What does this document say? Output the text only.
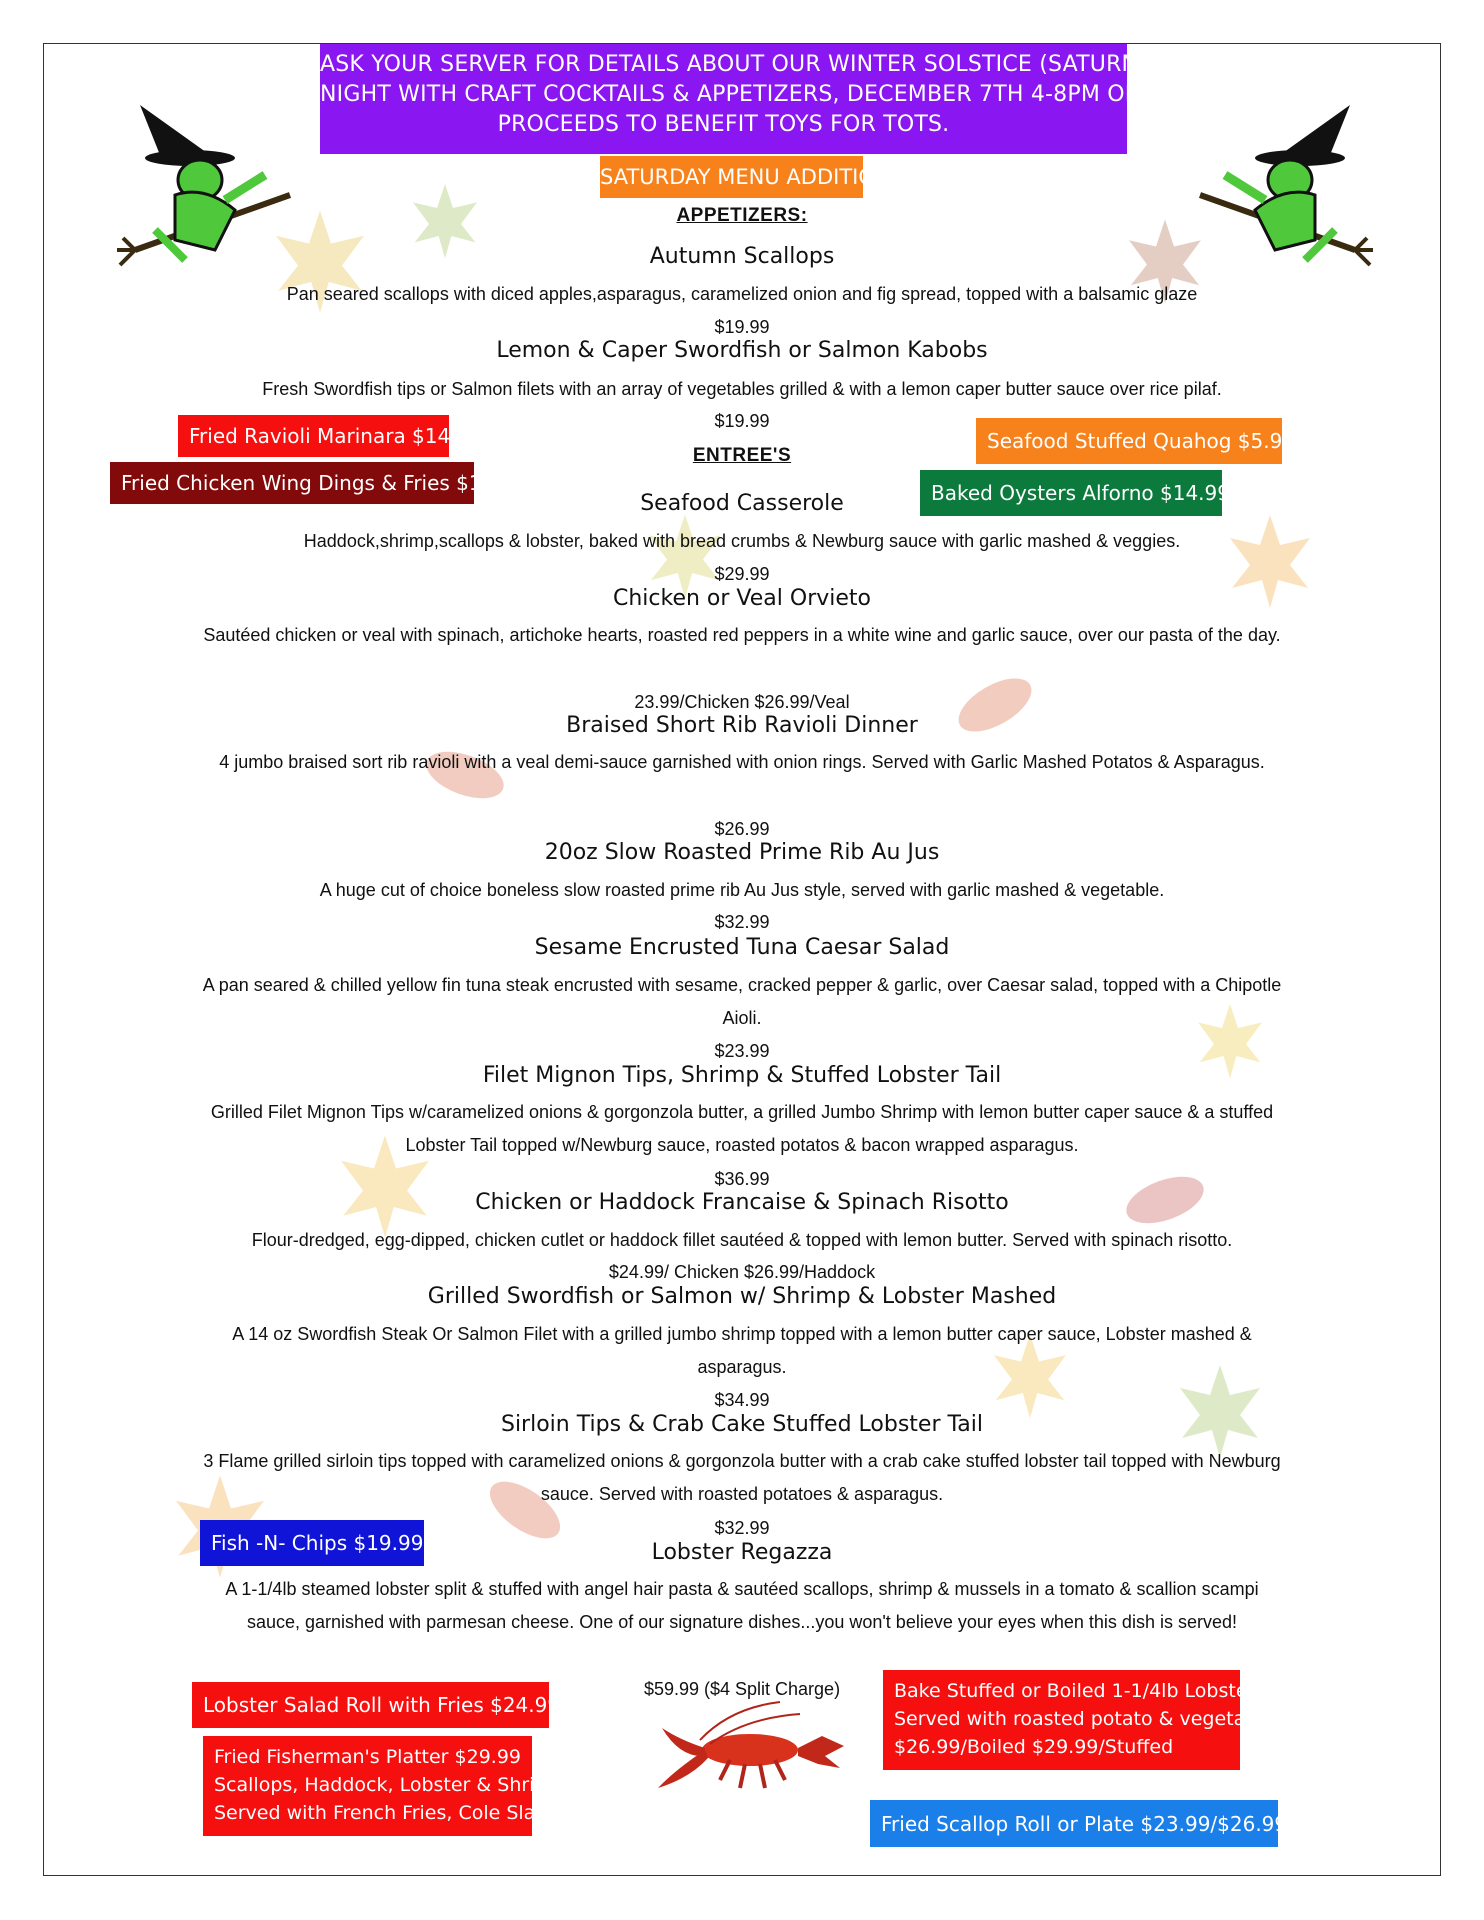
ASK YOUR SERVER FOR DETAILS ABOUT OUR WINTER SOLSTICE (SATURNALIA)
NIGHT WITH CRAFT COCKTAILS & APPETIZERS, DECEMBER 7TH 4-8PM ON THE PATIO
PROCEEDS TO BENEFIT TOYS FOR TOTS.
SATURDAY MENU ADDITIONS
APPETIZERS:
Autumn Scallops
Pan seared scallops with diced apples,asparagus, caramelized onion and fig spread, topped with a balsamic glaze
$19.99
Lemon & Caper Swordfish or Salmon Kabobs
Fresh Swordfish tips or Salmon filets with an array of vegetables grilled & with a lemon caper butter sauce over rice pilaf.
$19.99
ENTREE'S
Seafood Casserole
Haddock,shrimp,scallops & lobster, baked with bread crumbs & Newburg sauce with garlic mashed & veggies.
$29.99
Chicken or Veal Orvieto
Sautéed chicken or veal with spinach, artichoke hearts, roasted red peppers in a white wine and garlic sauce, over our pasta of the day.
23.99/Chicken $26.99/Veal
Braised Short Rib Ravioli Dinner
4 jumbo braised sort rib ravioli with a veal demi-sauce garnished with onion rings. Served with Garlic Mashed Potatos & Asparagus.
$26.99
20oz Slow Roasted Prime Rib Au Jus
A huge cut of choice boneless slow roasted prime rib Au Jus style, served with garlic mashed & vegetable.
$32.99
Sesame Encrusted Tuna Caesar Salad
A pan seared & chilled yellow fin tuna steak encrusted with sesame, cracked pepper & garlic, over Caesar salad, topped with a Chipotle Aioli.
$23.99
Filet Mignon Tips, Shrimp & Stuffed Lobster Tail
Grilled Filet Mignon Tips w/caramelized onions & gorgonzola butter, a grilled Jumbo Shrimp with lemon butter caper sauce & a stuffed Lobster Tail topped w/Newburg sauce, roasted potatos & bacon wrapped asparagus.
$36.99
Chicken or Haddock Francaise & Spinach Risotto
Flour-dredged, egg-dipped, chicken cutlet or haddock fillet sautéed & topped with lemon butter. Served with spinach risotto.
$24.99/ Chicken $26.99/Haddock
Grilled Swordfish or Salmon w/ Shrimp & Lobster Mashed
A 14 oz Swordfish Steak Or Salmon Filet with a grilled jumbo shrimp topped with a lemon butter caper sauce, Lobster mashed & asparagus.
$34.99
Sirloin Tips & Crab Cake Stuffed Lobster Tail
3 Flame grilled sirloin tips topped with caramelized onions & gorgonzola butter with a crab cake stuffed lobster tail topped with Newburg sauce. Served with roasted potatoes & asparagus.
$32.99
Lobster Regazza
A 1-1/4lb steamed lobster split & stuffed with angel hair pasta & sautéed scallops, shrimp & mussels in a tomato & scallion scampi sauce, garnished with parmesan cheese. One of our signature dishes...you won't believe your eyes when this dish is served!
$59.99 ($4 Split Charge)
Fried Ravioli Marinara $14.99
Fried Chicken Wing Dings & Fries $14.99
Seafood Stuffed Quahog $5.99
Baked Oysters Alforno $14.99
Fish -N- Chips $19.99
Lobster Salad Roll with Fries $24.99
Fried Fisherman's Platter $29.99
Scallops, Haddock, Lobster & Shrimp
Served with French Fries, Cole Slaw.
Bake Stuffed or Boiled 1-1/4lb Lobster
Served with roasted potato & vegetable.
$26.99/Boiled $29.99/Stuffed
Fried Scallop Roll or Plate $23.99/$26.99
